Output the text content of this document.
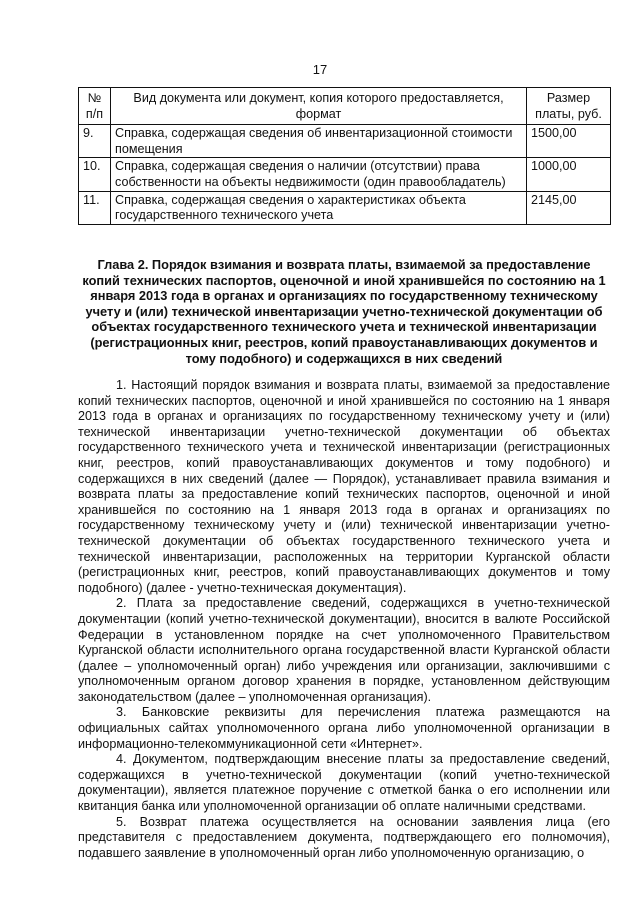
17
№ п/п	Вид документа или документ, копия которого предоставляется, формат	Размер платы, руб.
9.	Справка, содержащая сведения об инвентаризационной стоимости помещения	1500,00
10.	Справка, содержащая сведения о наличии (отсутствии) права собственности на объекты недвижимости (один правообладатель)	1000,00
11.	Справка, содержащая сведения о характеристиках объекта государственного технического учета	2145,00
Глава 2. Порядок взимания и возврата платы, взимаемой за предоставление копий технических паспортов, оценочной и иной хранившейся по состоянию на 1 января 2013 года в органах и организациях по государственному техническому учету и (или) технической инвентаризации учетно-технической документации об объектах государственного технического учета и технической инвентаризации (регистрационных книг, реестров, копий правоустанавливающих документов и тому подобного) и содержащихся в них сведений

1. Настоящий порядок взимания и возврата платы, взимаемой за предоставление копий технических паспортов, оценочной и иной хранившейся по состоянию на 1 января 2013 года в органах и организациях по государственному техническому учету и (или) технической инвентаризации учетно-технической документации об объектах государственного технического учета и технической инвентаризации (регистрационных книг, реестров, копий правоустанавливающих документов и тому подобного) и содержащихся в них сведений (далее — Порядок), устанавливает правила взимания и возврата платы за предоставление копий технических паспортов, оценочной и иной хранившейся по состоянию на 1 января 2013 года в органах и организациях по государственному техническому учету и (или) технической инвентаризации учетно-технической документации об объектах государственного технического учета и технической инвентаризации, расположенных на территории Курганской области (регистрационных книг, реестров, копий правоустанавливающих документов и тому подобного) (далее - учетно-техническая документация).

2. Плата за предоставление сведений, содержащихся в учетно-технической документации (копий учетно-технической документации), вносится в валюте Российской Федерации в установленном порядке на счет уполномоченного Правительством Курганской области исполнительного органа государственной власти Курганской области (далее – уполномоченный орган) либо учреждения или организации, заключившими с уполномоченным органом договор хранения в порядке, установленном действующим законодательством (далее – уполномоченная организация).

3. Банковские реквизиты для перечисления платежа размещаются на официальных сайтах уполномоченного органа либо уполномоченной организации в информационно-телекоммуникационной сети «Интернет».

4. Документом, подтверждающим внесение платы за предоставление сведений, содержащихся в учетно-технической документации (копий учетно-технической документации), является платежное поручение с отметкой банка о его исполнении или квитанция банка или уполномоченной организации об оплате наличными средствами.

5. Возврат платежа осуществляется на основании заявления лица (его представителя с предоставлением документа, подтверждающего его полномочия), подавшего заявление в уполномоченный орган либо уполномоченную организацию, о
